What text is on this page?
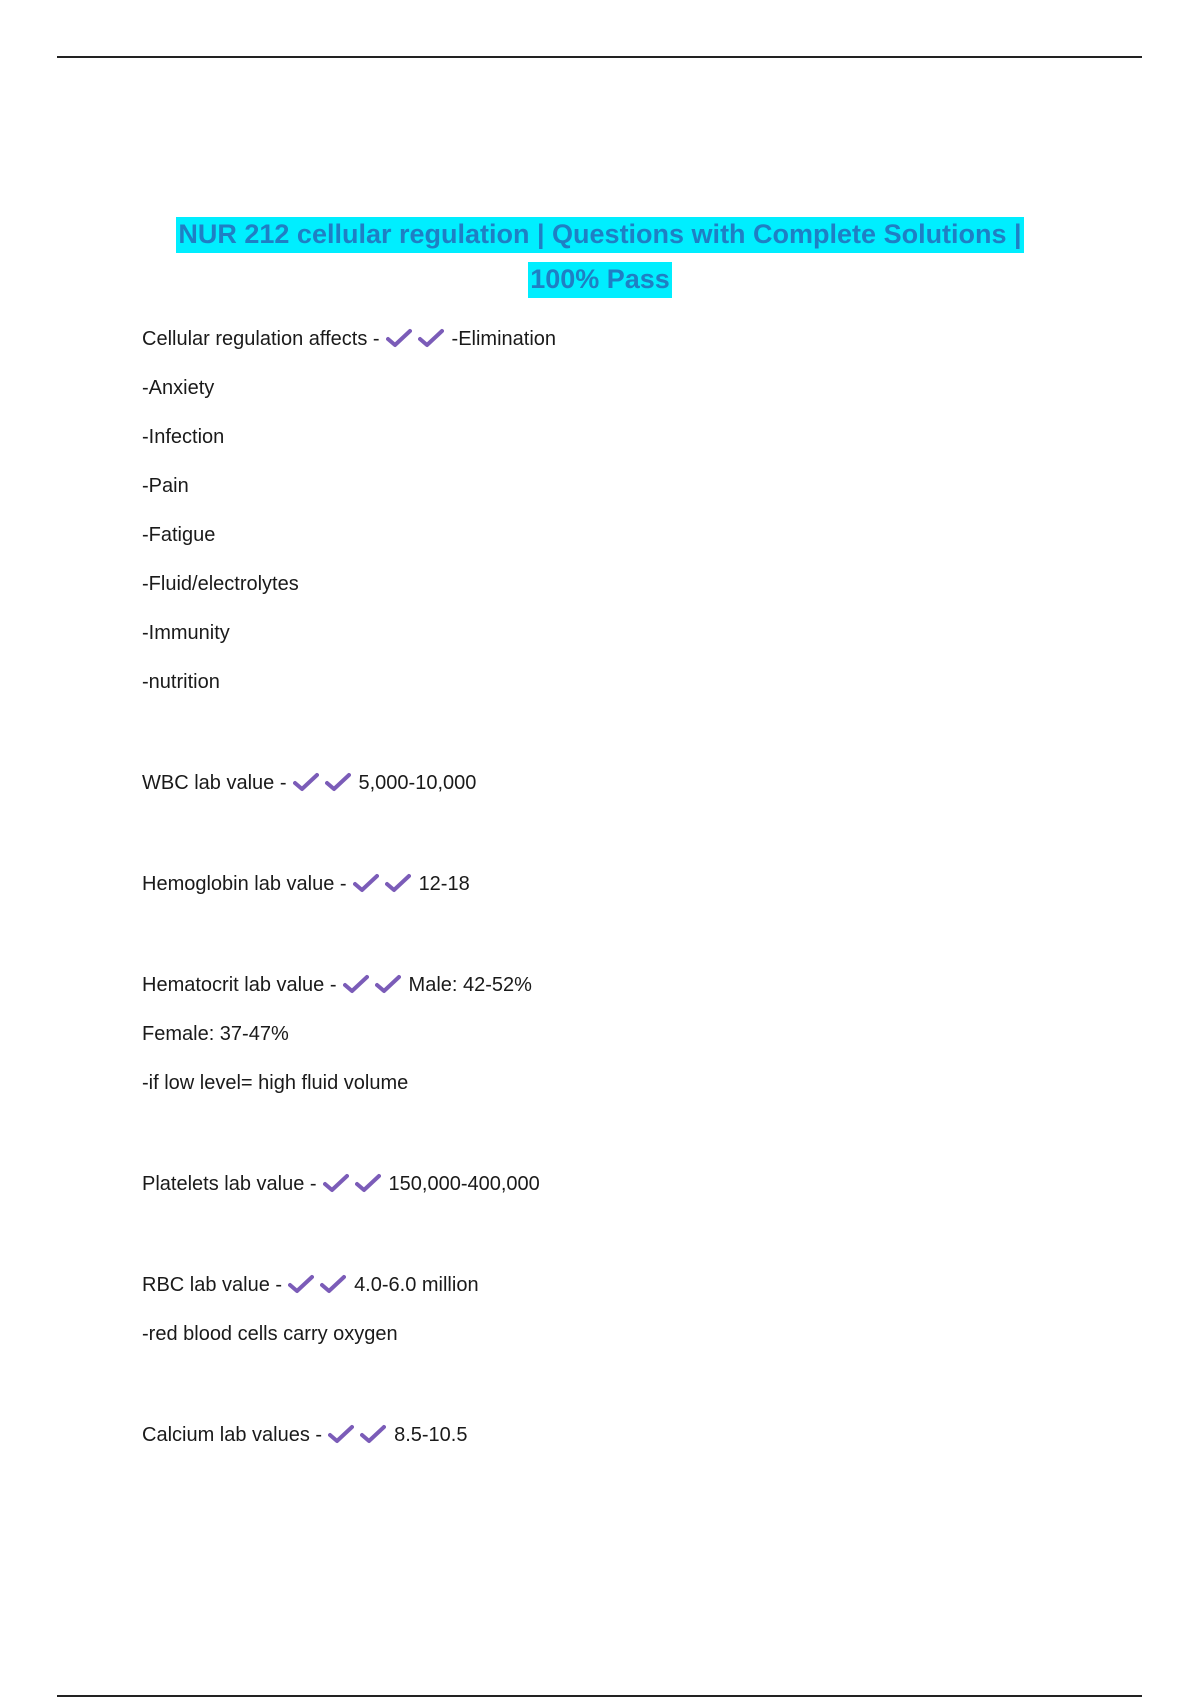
NUR 212 cellular regulation | Questions with Complete Solutions |
100% Pass
Cellular regulation affects -	-Elimination
-Anxiety
-Infection
-Pain
-Fatigue
-Fluid/electrolytes
-Immunity
-nutrition
WBC lab value -	5,000-10,000
Hemoglobin lab value -	12-18
Hematocrit lab value -	Male: 42-52%
Female: 37-47%
-if low level= high fluid volume
Platelets lab value -	150,000-400,000
RBC lab value -	4.0-6.0 million
-red blood cells carry oxygen
Calcium lab values -	8.5-10.5
